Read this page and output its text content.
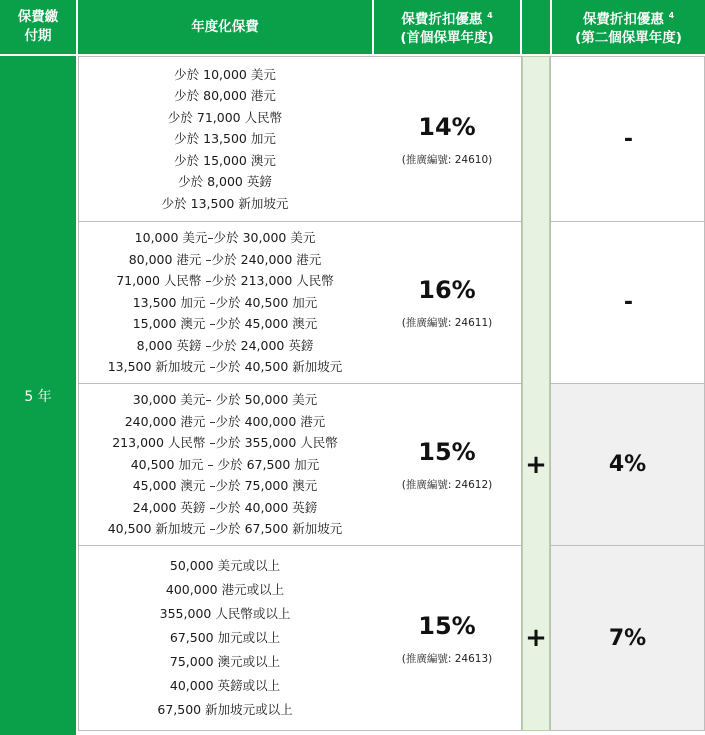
保費繳
付期
年度化保費	保費折扣優惠 $^4$
(首個保單年度)
保費折扣優惠 $^4$
(第二個保單年度)
5 年
少於 10,000 美元
少於 80,000 港元
少於 71,000 人民幣
少於 13,500 加元
少於 15,000 澳元
少於 8,000 英鎊
少於 13,500 新加坡元
14%
(推廣編號: 24610)
-
10,000 美元–少於 30,000 美元
80,000 港元 –少於 240,000 港元
71,000 人民幣 –少於 213,000 人民幣
13,500 加元 –少於 40,500 加元
15,000 澳元 –少於 45,000 澳元
8,000 英鎊 –少於 24,000 英鎊
13,500 新加坡元 –少於 40,500 新加坡元
16%
(推廣編號: 24611)
-
4%
30,000 美元– 少於 50,000 美元
240,000 港元 –少於 400,000 港元
213,000 人民幣 –少於 355,000 人民幣
40,500 加元 – 少於 67,500 加元
45,000 澳元 –少於 75,000 澳元
24,000 英鎊 –少於 40,000 英鎊
40,500 新加坡元 –少於 67,500 新加坡元
15%
(推廣編號: 24612)
+
7%
50,000 美元或以上
400,000 港元或以上
355,000 人民幣或以上
67,500 加元或以上
75,000 澳元或以上
40,000 英鎊或以上
67,500 新加坡元或以上
15%
(推廣編號: 24613)
+
